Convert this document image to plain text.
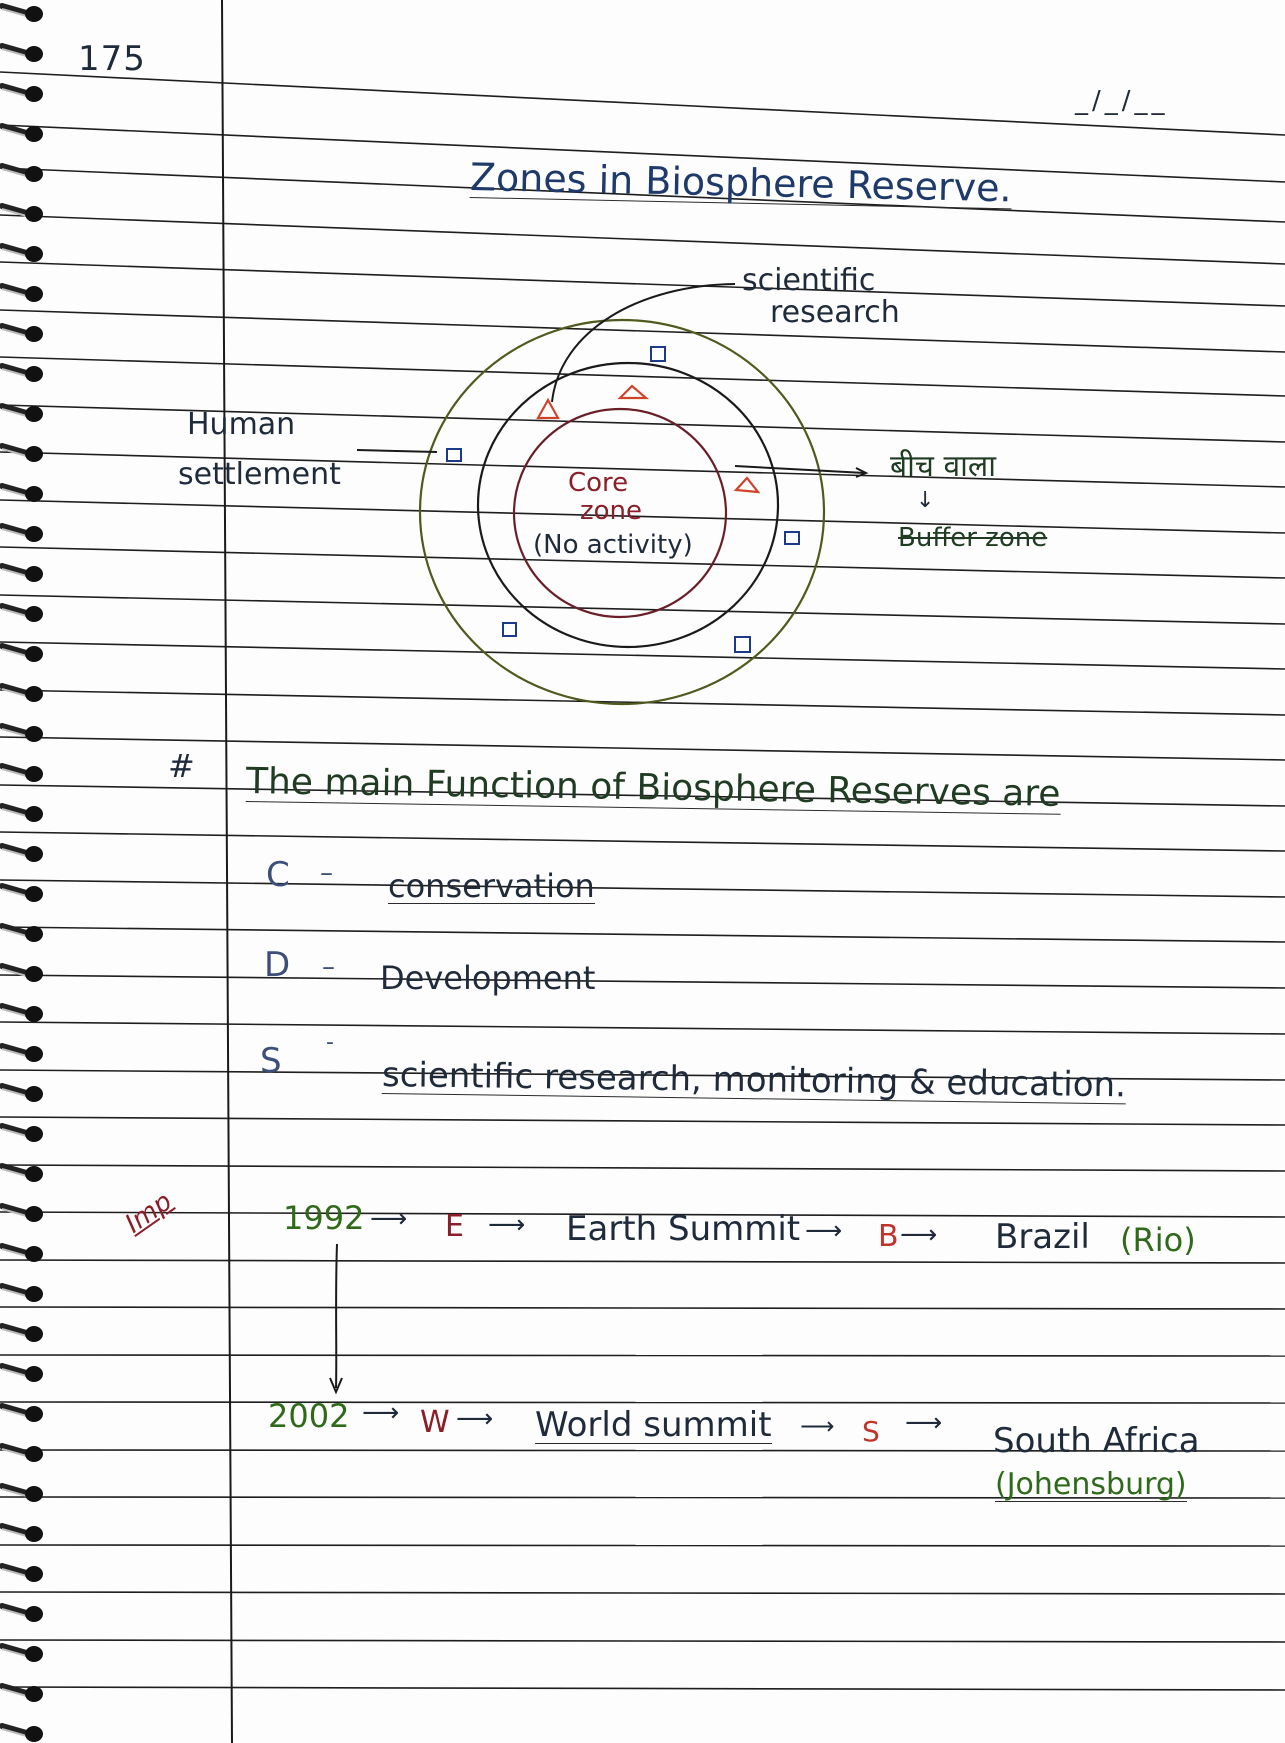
175
_/_/__
Zones in Biosphere Reserve.
scientific
research
Human
settlement	Core
zone
(No activity)
बीच वाला
↓
Buffer zone
# The main Function of Biosphere Reserves are
C – conservation
D – Development
S -
scientific research, monitoring & education.
Imp	1992 ⟶ E ⟶ Earth Summit ⟶ B ⟶ Brazil (Rio)
2002 ⟶ W ⟶ World summit ⟶ S ⟶ South Africa
(Johensburg)
